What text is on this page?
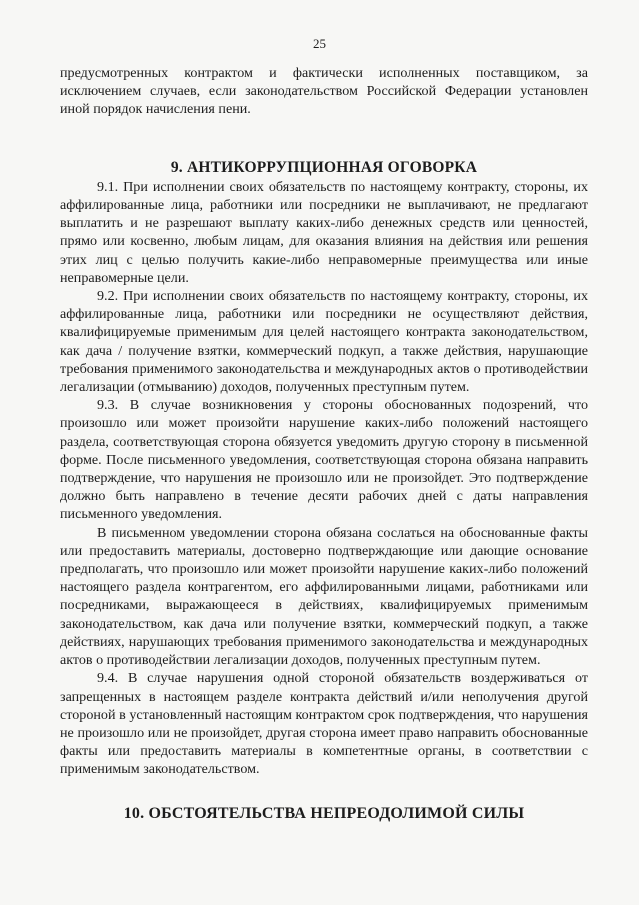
25

предусмотренных контрактом и фактически исполненных поставщиком, за исключением случаев, если законодательством Российской Федерации установлен иной порядок начисления пени.

9. АНТИКОРРУПЦИОННАЯ ОГОВОРКА

9.1. При исполнении своих обязательств по настоящему контракту, стороны, их аффилированные лица, работники или посредники не выплачивают, не предлагают выплатить и не разрешают выплату каких-либо денежных средств или ценностей, прямо или косвенно, любым лицам, для оказания влияния на действия или решения этих лиц с целью получить какие-либо неправомерные преимущества или иные неправомерные цели.

9.2. При исполнении своих обязательств по настоящему контракту, стороны, их аффилированные лица, работники или посредники не осуществляют действия, квалифицируемые применимым для целей настоящего контракта законодательством, как дача / получение взятки, коммерческий подкуп, а также действия, нарушающие требования применимого законодательства и международных актов о противодействии легализации (отмыванию) доходов, полученных преступным путем.

9.3. В случае возникновения у стороны обоснованных подозрений, что произошло или может произойти нарушение каких-либо положений настоящего раздела, соответствующая сторона обязуется уведомить другую сторону в письменной форме. После письменного уведомления, соответствующая сторона обязана направить подтверждение, что нарушения не произошло или не произойдет. Это подтверждение должно быть направлено в течение десяти рабочих дней с даты направления письменного уведомления.

В письменном уведомлении сторона обязана сослаться на обоснованные факты или предоставить материалы, достоверно подтверждающие или дающие основание предполагать, что произошло или может произойти нарушение каких-либо положений настоящего раздела контрагентом, его аффилированными лицами, работниками или посредниками, выражающееся в действиях, квалифицируемых применимым законодательством, как дача или получение взятки, коммерческий подкуп, а также действиях, нарушающих требования применимого законодательства и международных актов о противодействии легализации доходов, полученных преступным путем.

9.4. В случае нарушения одной стороной обязательств воздерживаться от запрещенных в настоящем разделе контракта действий и/или неполучения другой стороной в установленный настоящим контрактом срок подтверждения, что нарушения не произошло или не произойдет, другая сторона имеет право направить обоснованные факты или предоставить материалы в компетентные органы, в соответствии с применимым законодательством.

10. ОБСТОЯТЕЛЬСТВА НЕПРЕОДОЛИМОЙ СИЛЫ
